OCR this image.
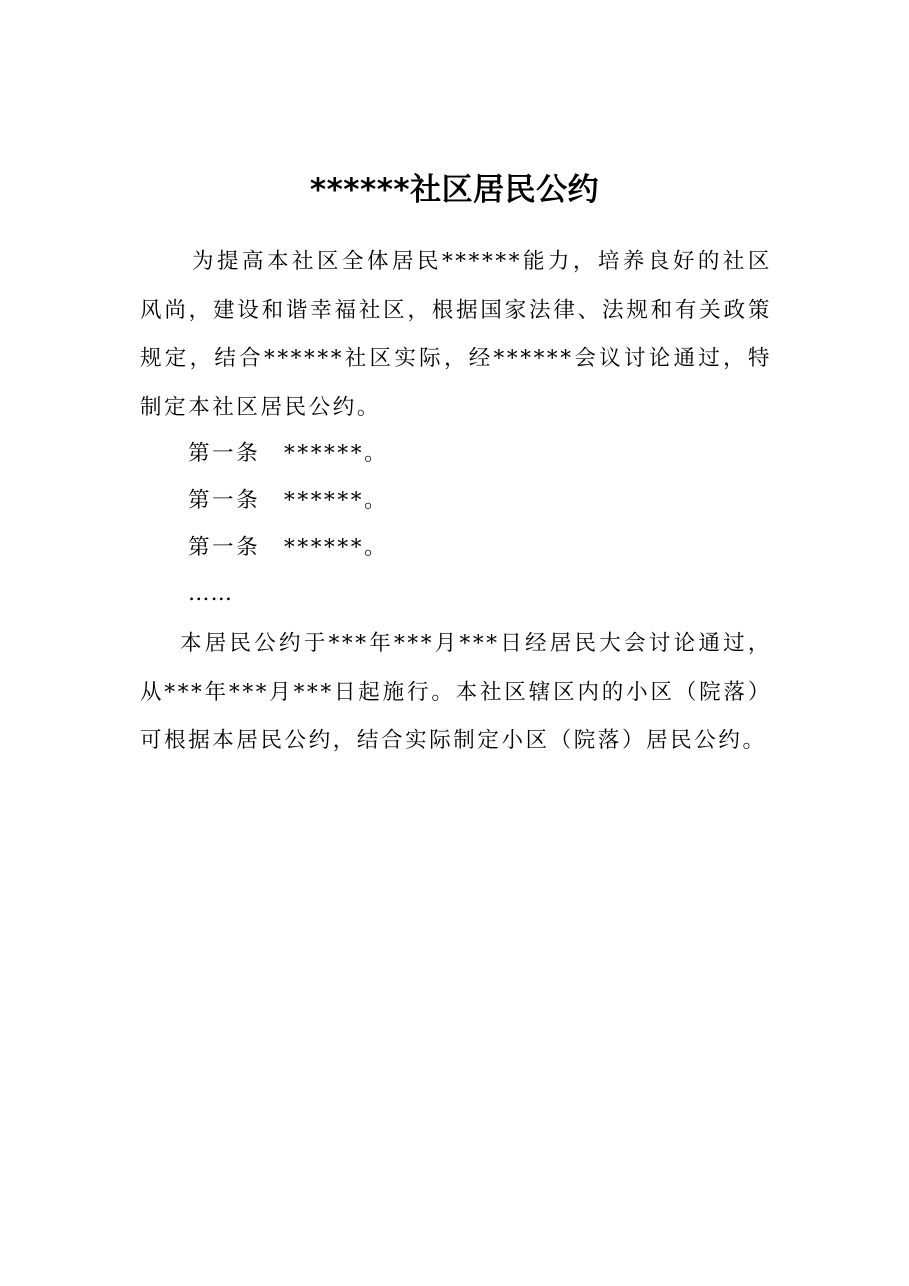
******社区居民公约
为提高本社区全体居民******能力，培养良好的社区风尚，建设和谐幸福社区，根据国家法律、法规和有关政策规定，结合******社区实际，经******会议讨论通过，特制定本社区居民公约。
第一条 ******。
第一条 ******。
第一条 ******。
……
本居民公约于***年***月***日经居民大会讨论通过，从***年***月***日起施行。本社区辖区内的小区（院落）可根据本居民公约，结合实际制定小区（院落）居民公约。
